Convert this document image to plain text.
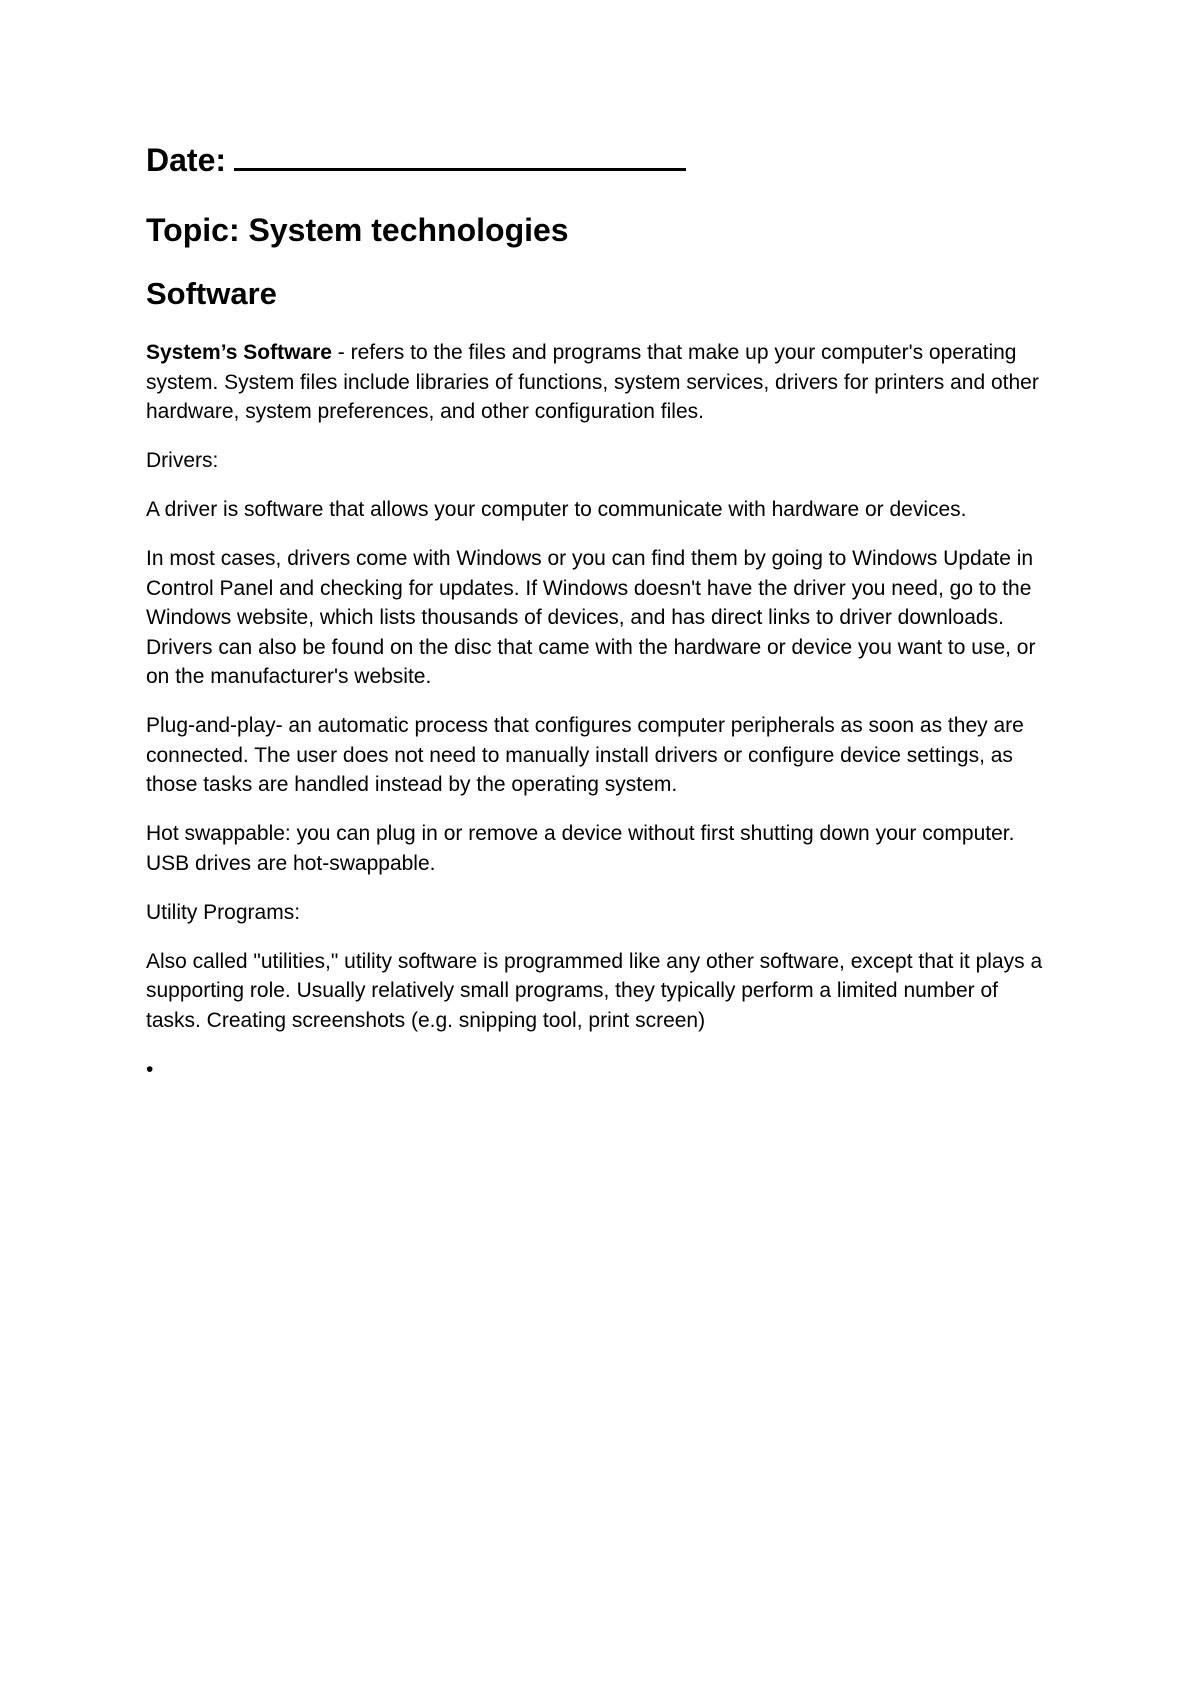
Date:
Topic: System technologies
Software

System’s Software - refers to the files and programs that make up your computer's operating system. System files include libraries of functions, system services, drivers for printers and other hardware, system preferences, and other configuration files.

Drivers:

A driver is software that allows your computer to communicate with hardware or devices.

In most cases, drivers come with Windows or you can find them by going to Windows Update in Control Panel and checking for updates. If Windows doesn't have the driver you need, go to the Windows website, which lists thousands of devices, and has direct links to driver downloads. Drivers can also be found on the disc that came with the hardware or device you want to use, or on the manufacturer's website.

Plug-and-play- an automatic process that configures computer peripherals as soon as they are connected. The user does not need to manually install drivers or configure device settings, as those tasks are handled instead by the operating system.

Hot swappable: you can plug in or remove a device without first shutting down your computer. USB drives are hot-swappable.

Utility Programs:

Also called "utilities," utility software is programmed like any other software, except that it plays a supporting role. Usually relatively small programs, they typically perform a limited number of tasks. Creating screenshots (e.g. snipping tool, print screen)

•
